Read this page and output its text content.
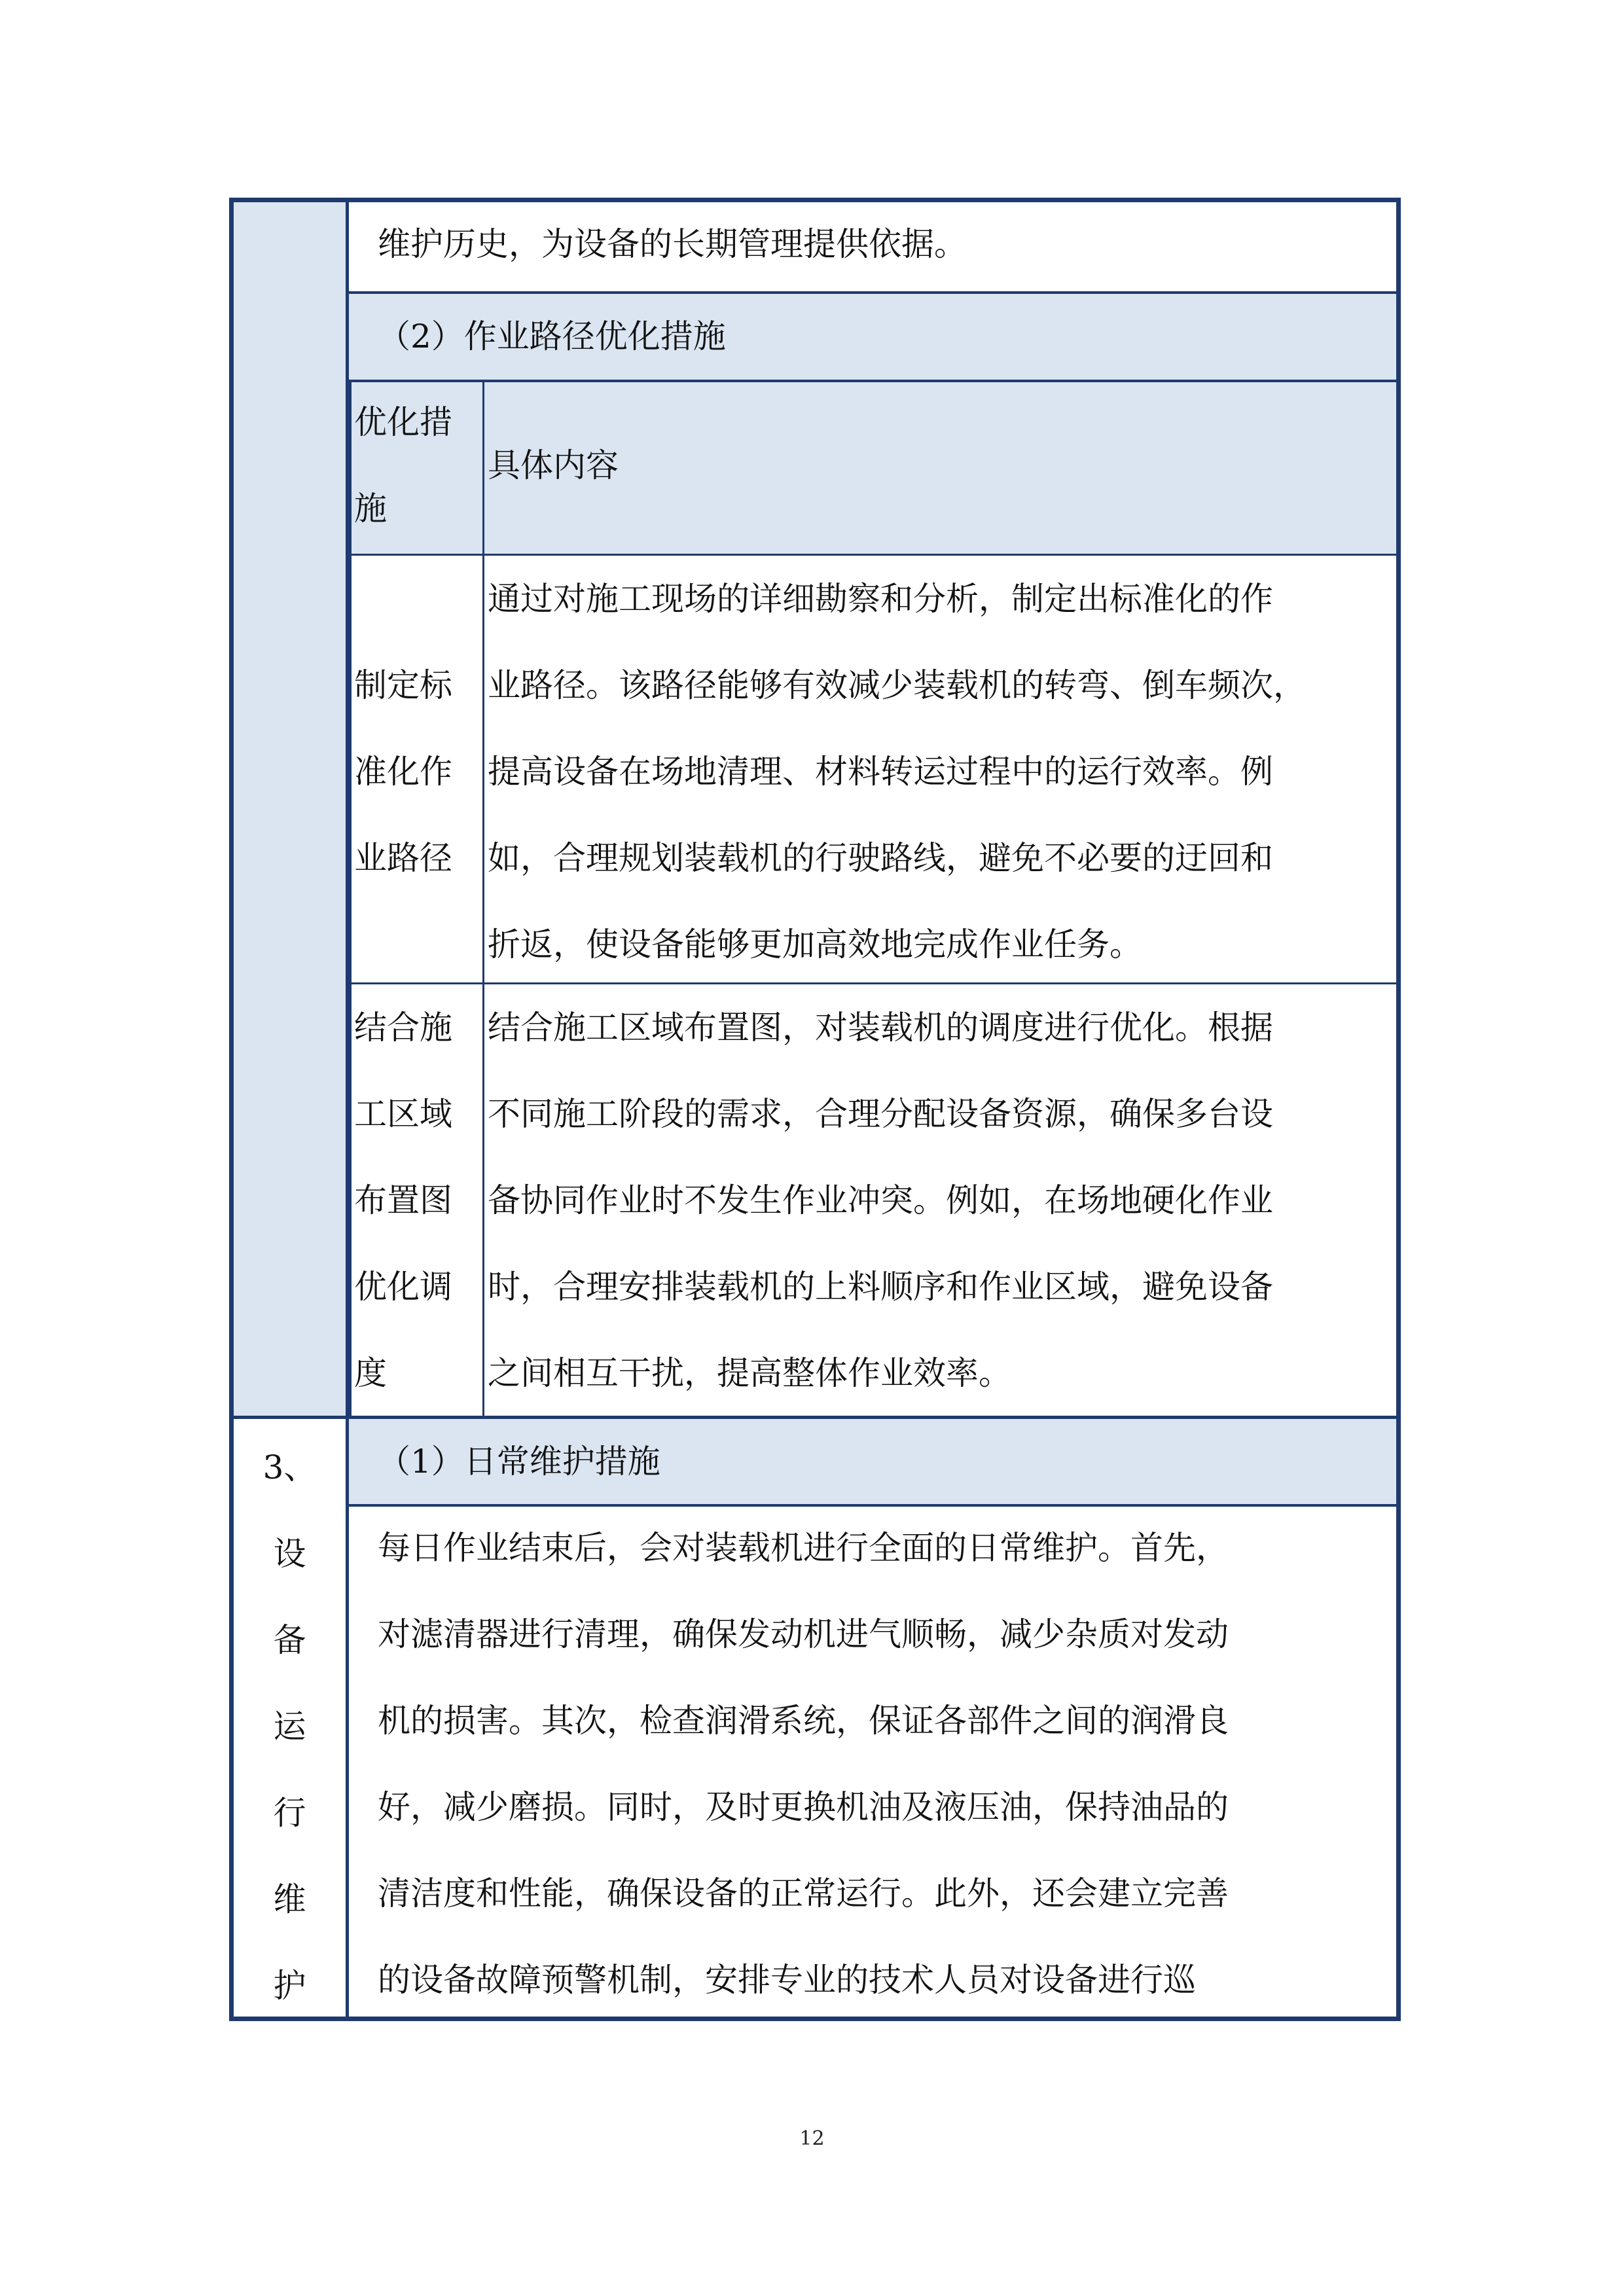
维护历史，为设备的长期管理提供依据。
（2）作业路径优化措施
优化措
施
具体内容
制定标
准化作
业路径
通过对施工现场的详细勘察和分析，制定出标准化的作
业路径。该路径能够有效减少装载机的转弯、倒车频次，
提高设备在场地清理、材料转运过程中的运行效率。例
如，合理规划装载机的行驶路线，避免不必要的迂回和
折返，使设备能够更加高效地完成作业任务。
结合施
工区域
布置图
优化调
度
结合施工区域布置图，对装载机的调度进行优化。根据
不同施工阶段的需求，合理分配设备资源，确保多台设
备协同作业时不发生作业冲突。例如，在场地硬化作业
时，合理安排装载机的上料顺序和作业区域，避免设备
之间相互干扰，提高整体作业效率。
3、
设
备
运
行
维
护
（1）日常维护措施
每日作业结束后，会对装载机进行全面的日常维护。首先，
对滤清器进行清理，确保发动机进气顺畅，减少杂质对发动
机的损害。其次，检查润滑系统，保证各部件之间的润滑良
好，减少磨损。同时，及时更换机油及液压油，保持油品的
清洁度和性能，确保设备的正常运行。此外，还会建立完善
的设备故障预警机制，安排专业的技术人员对设备进行巡
12
